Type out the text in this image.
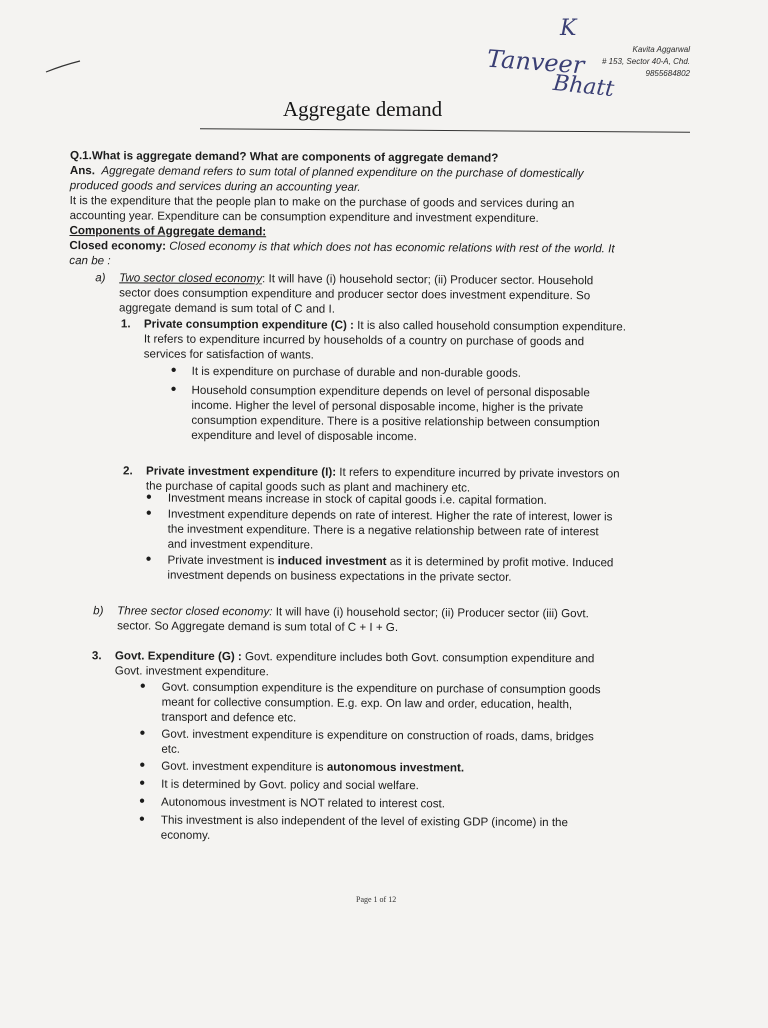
K
Tanveer
Bhatt
Kavita Aggarwal
# 153, Sector 40-A, Chd.
9855684802
Aggregate demand
Q.1.What is aggregate demand? What are components of aggregate demand?
Ans. Aggregate demand refers to sum total of planned expenditure on the purchase of domestically
produced goods and services during an accounting year.
It is the expenditure that the people plan to make on the purchase of goods and services during an
accounting year. Expenditure can be consumption expenditure and investment expenditure.
Components of Aggregate demand:
Closed economy: Closed economy is that which does not has economic relations with rest of the world. It
can be :
a) Two sector closed economy: It will have (i) household sector; (ii) Producer sector. Household
sector does consumption expenditure and producer sector does investment expenditure. So
aggregate demand is sum total of C and I.
1. Private consumption expenditure (C) : It is also called household consumption expenditure.
It refers to expenditure incurred by households of a country on purchase of goods and
services for satisfaction of wants.
● It is expenditure on purchase of durable and non-durable goods.
● Household consumption expenditure depends on level of personal disposable
income. Higher the level of personal disposable income, higher is the private
consumption expenditure. There is a positive relationship between consumption
expenditure and level of disposable income.
2. Private investment expenditure (I): It refers to expenditure incurred by private investors on
the purchase of capital goods such as plant and machinery etc.
● Investment means increase in stock of capital goods i.e. capital formation.
● Investment expenditure depends on rate of interest. Higher the rate of interest, lower is
the investment expenditure. There is a negative relationship between rate of interest
and investment expenditure.
● Private investment is induced investment as it is determined by profit motive. Induced
investment depends on business expectations in the private sector.
b) Three sector closed economy: It will have (i) household sector; (ii) Producer sector (iii) Govt.
sector. So Aggregate demand is sum total of C + I + G.
3. Govt. Expenditure (G) : Govt. expenditure includes both Govt. consumption expenditure and
Govt. investment expenditure.
● Govt. consumption expenditure is the expenditure on purchase of consumption goods
meant for collective consumption. E.g. exp. On law and order, education, health,
transport and defence etc.
● Govt. investment expenditure is expenditure on construction of roads, dams, bridges
etc.
● Govt. investment expenditure is autonomous investment.
● It is determined by Govt. policy and social welfare.
● Autonomous investment is NOT related to interest cost.
● This investment is also independent of the level of existing GDP (income) in the
economy.
Page 1 of 12
